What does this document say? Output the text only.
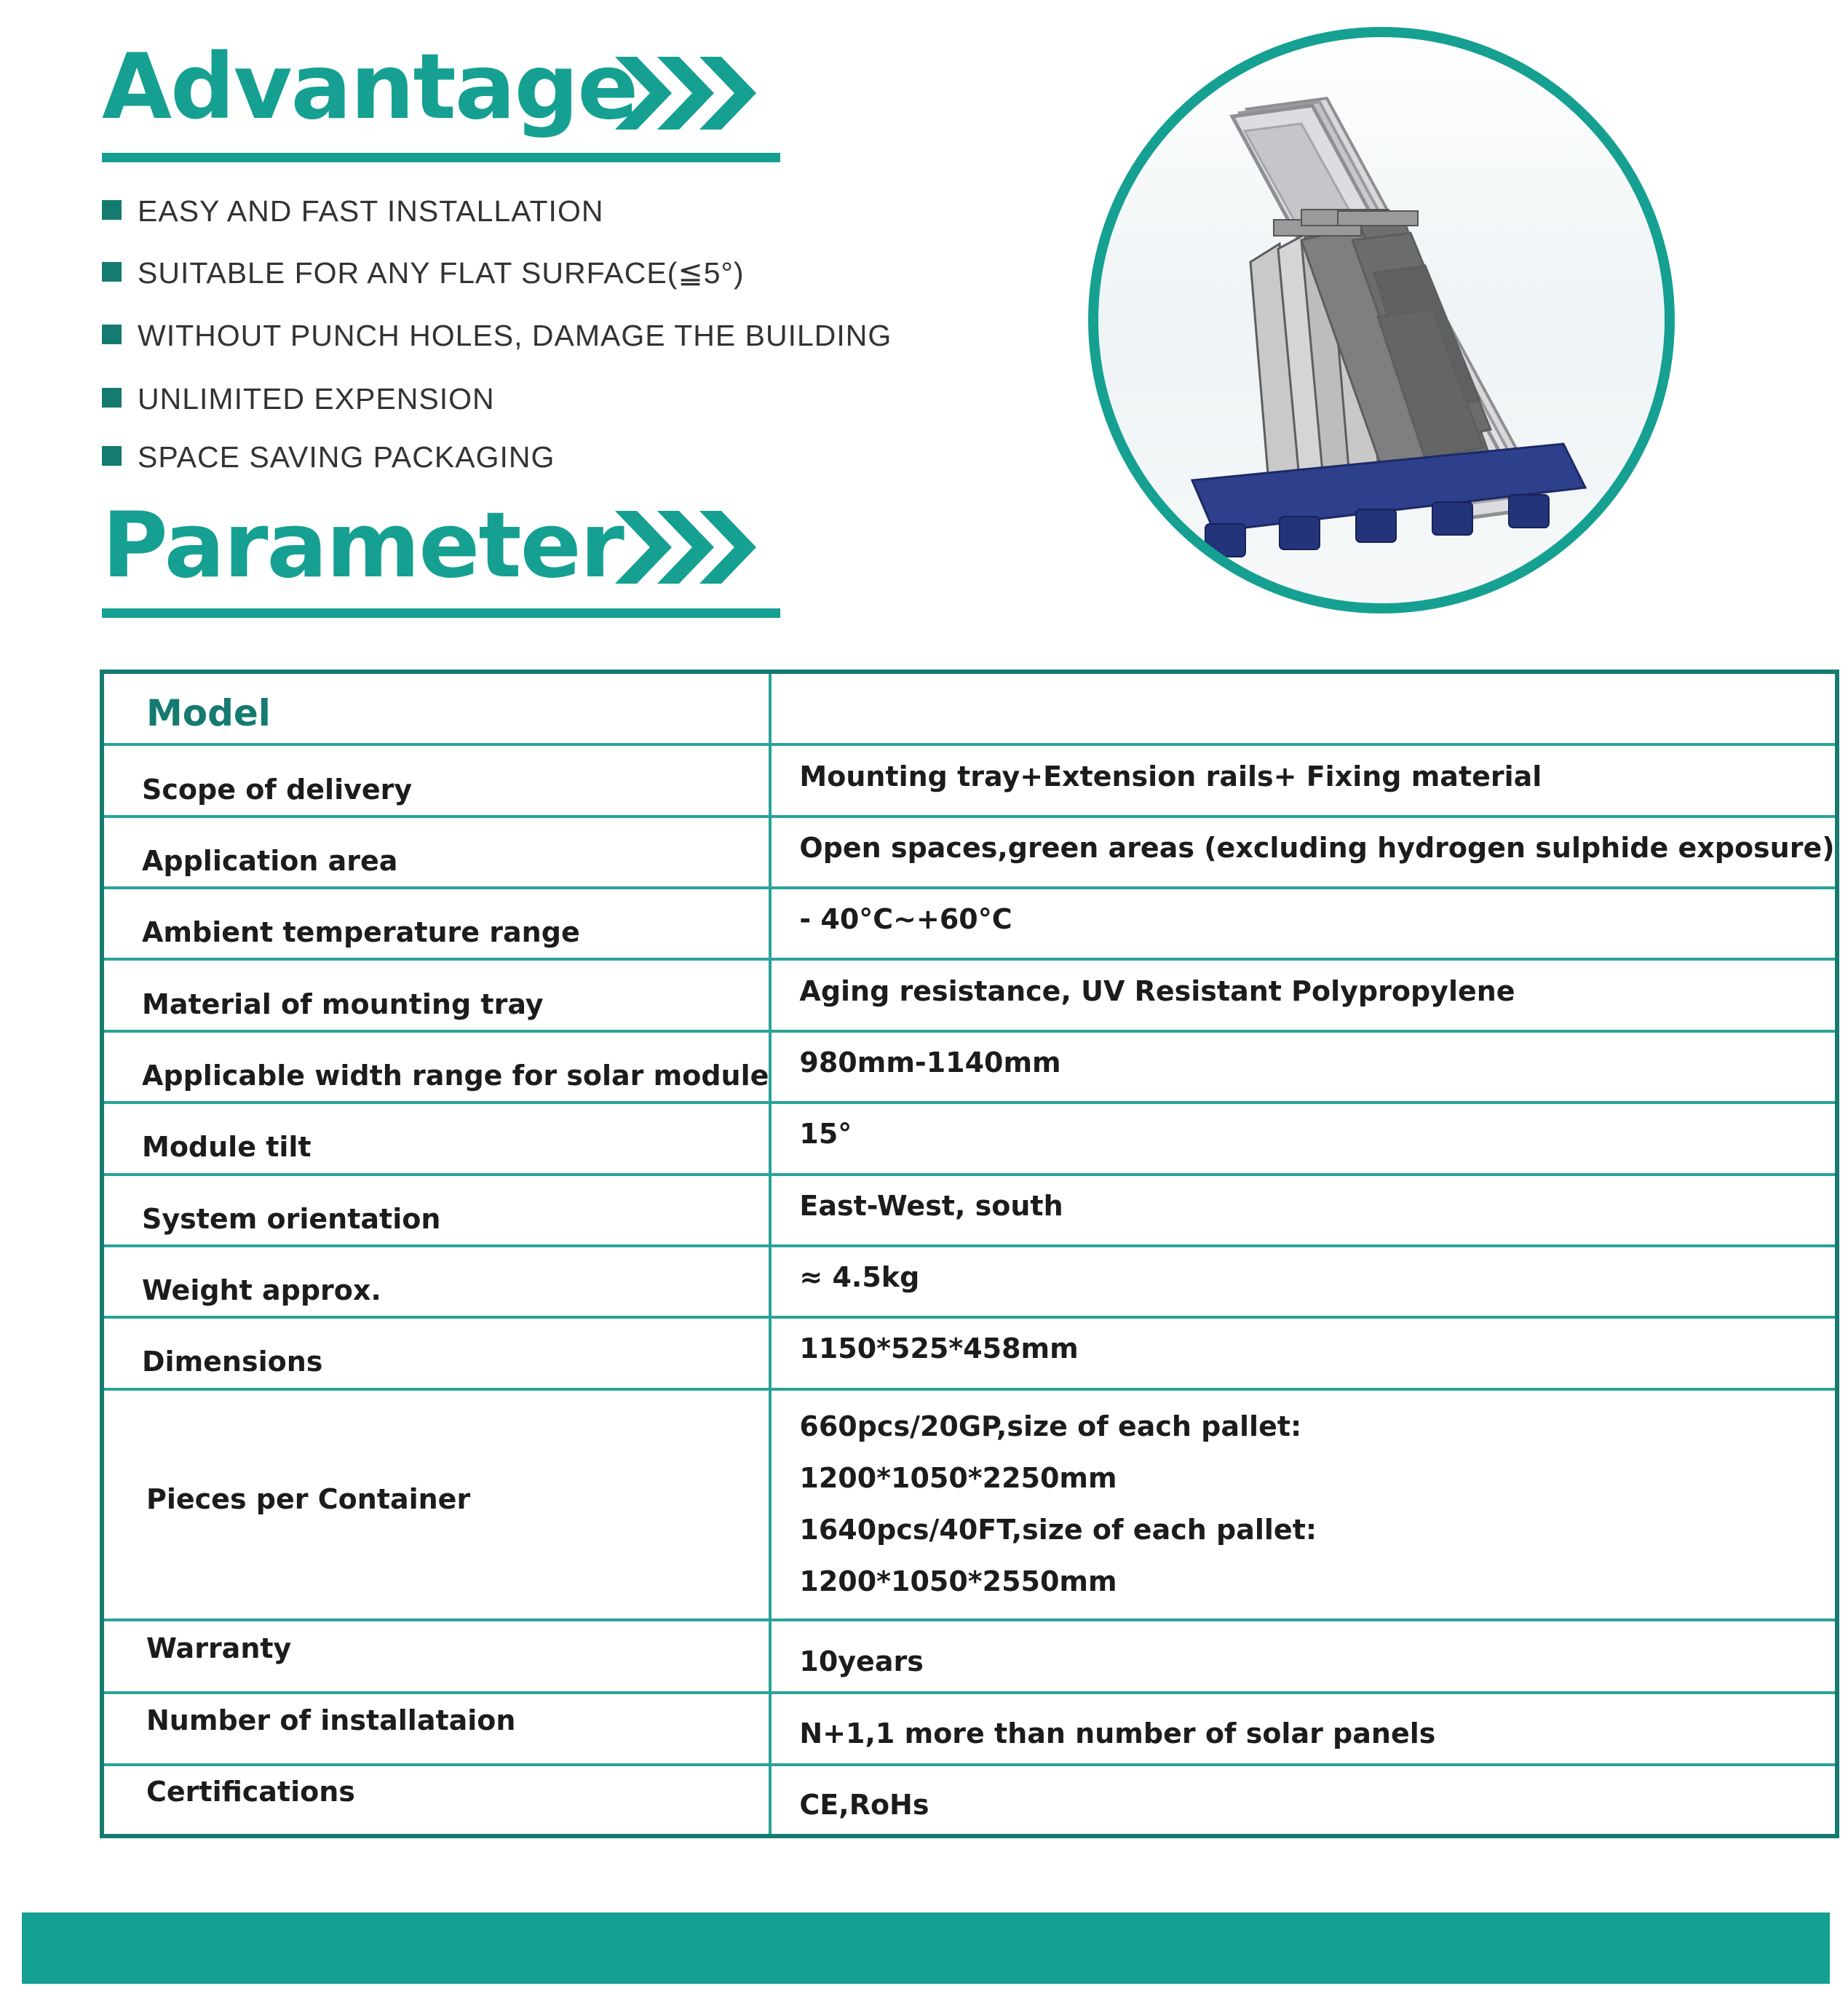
Advantage
EASY AND FAST INSTALLATION
SUITABLE FOR ANY FLAT SURFACE(≦5°)
WITHOUT PUNCH HOLES, DAMAGE THE BUILDING
UNLIMITED EXPENSION
SPACE SAVING PACKAGING
Parameter
Model	
Scope of delivery	Mounting tray+Extension rails+ Fixing material
Application area	Open spaces,green areas (excluding hydrogen sulphide exposure)
Ambient temperature range	- 40°C~+60°C
Material of mounting tray	Aging resistance, UV Resistant Polypropylene
Applicable width range for solar module	980mm-1140mm
Module tilt	15°
System orientation	East-West, south
Weight approx.	≈ 4.5kg
Dimensions	1150*525*458mm
Pieces per Container	660pcs/20GP,size of each pallet:
1200*1050*2250mm
1640pcs/40FT,size of each pallet:
1200*1050*2550mm

Warranty	10years
Number of installataion	N+1,1 more than number of solar panels
Certifications	CE,RoHs
